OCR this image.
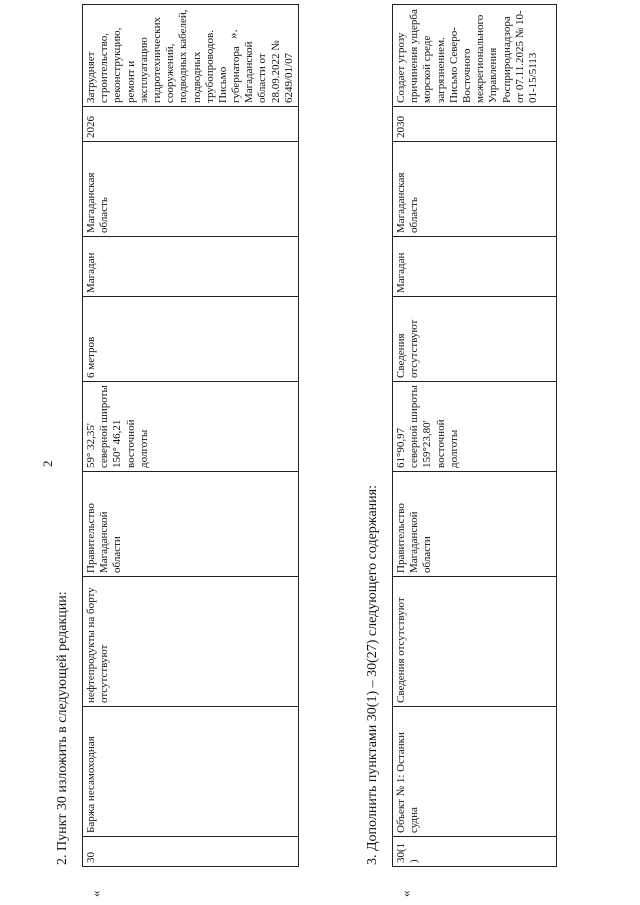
2
2. Пункт 30 изложить в следующей редакции:
«
».
30	Баржа несамоходная	нефтепродукты на борту отсутствуют	Правительство Магаданской области	59° 32,35' северной широты 150° 46,21 восточной долготы	6 метров	Магадан	Магаданская область	2026	Затрудняет строительство, реконструкцию, ремонт и эксплуатацию гидротехнических сооружений, подводных кабелей, подводных трубопроводов. Письмо губернатора Магаданской области от 28.09.2022 № 6249/01/07
3. Дополнить пунктами 30(1) – 30(27) следующего содержания:
«
30(1)	Объект № 1: Останки судна	Сведения отсутствуют	Правительство Магаданской области	61°90,97 северной широты 159°23,80' восточной долготы	Сведения отсутствуют	Магадан	Магаданская область	2030	Создает угрозу причинения ущерба морской среде загрязнением. Письмо Северо-Восточного межрегионального Управления Росприроднадзора от 07.11.2025 № 10-01-15/5113
